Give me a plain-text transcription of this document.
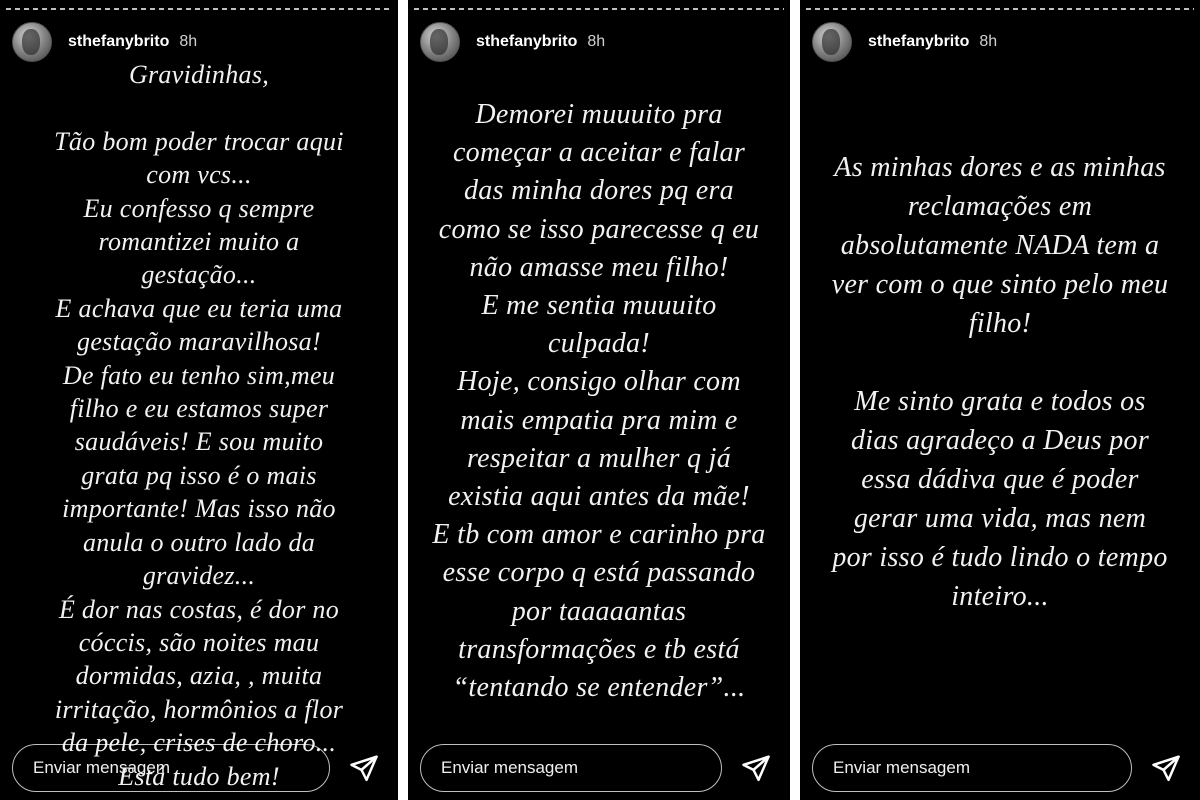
sthefanybrito 8h

Gravidinhas,

Tão bom poder trocar aqui
com vcs...
Eu confesso q sempre
romantizei muito a
gestação...
E achava que eu teria uma
gestação maravilhosa!
De fato eu tenho sim,meu
filho e eu estamos super
saudáveis! E sou muito
grata pq isso é o mais
importante! Mas isso não
anula o outro lado da
gravidez...
É dor nas costas, é dor no
cóccis, são noites mau
dormidas, azia, , muita
irritação, hormônios a flor
da pele, crises de choro...
Está tudo bem!

Enviar mensagem
sthefanybrito 8h

Demorei muuuito pra
começar a aceitar e falar
das minha dores pq era
como se isso parecesse q eu
não amasse meu filho!
E me sentia muuuito
culpada!
Hoje, consigo olhar com
mais empatia pra mim e
respeitar a mulher q já
existia aqui antes da mãe!
E tb com amor e carinho pra
esse corpo q está passando
por taaaaantas
transformações e tb está
“tentando se entender”...

Enviar mensagem
sthefanybrito 8h

As minhas dores e as minhas
reclamações em
absolutamente NADA tem a
ver com o que sinto pelo meu
filho!

Me sinto grata e todos os
dias agradeço a Deus por
essa dádiva que é poder
gerar uma vida, mas nem
por isso é tudo lindo o tempo
inteiro...

Enviar mensagem
